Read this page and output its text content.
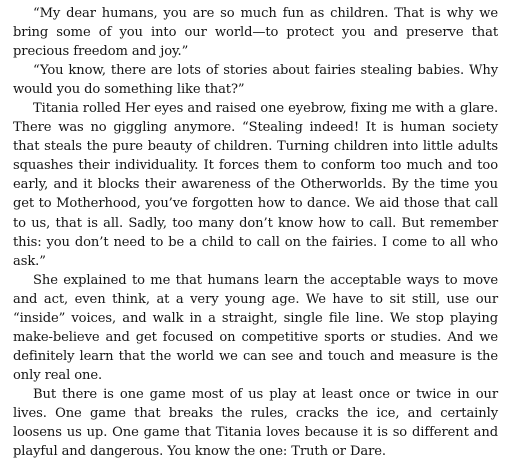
“My dear humans, you are so much fun as children. That is why we bring some of you into our world—to protect you and preserve that precious freedom and joy.”

“You know, there are lots of stories about fairies stealing babies. Why would you do something like that?”

Titania rolled Her eyes and raised one eyebrow, fixing me with a glare. There was no giggling anymore. “Stealing indeed! It is human society that steals the pure beauty of children. Turning children into little adults squashes their individuality. It forces them to conform too much and too early, and it blocks their awareness of the Otherworlds. By the time you get to Motherhood, you’ve forgotten how to dance. We aid those that call to us, that is all. Sadly, too many don’t know how to call. But remember this: you don’t need to be a child to call on the fairies. I come to all who ask.”

She explained to me that humans learn the acceptable ways to move and act, even think, at a very young age. We have to sit still, use our “inside” voices, and walk in a straight, single file line. We stop playing make-believe and get focused on competitive sports or studies. And we definitely learn that the world we can see and touch and measure is the only real one.

But there is one game most of us play at least once or twice in our lives. One game that breaks the rules, cracks the ice, and certainly loosens us up. One game that Titania loves because it is so different and playful and dangerous. You know the one: Truth or Dare.
